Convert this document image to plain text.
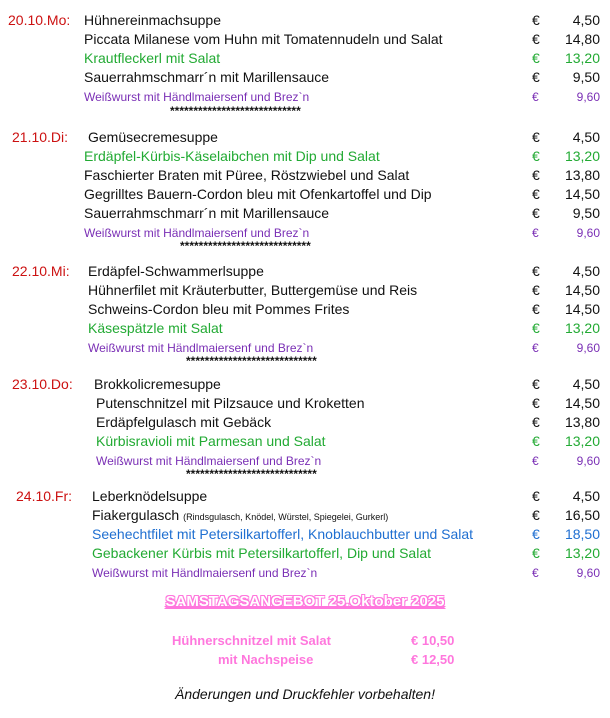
20.10.Mo: Hühnereinmachsuppe	€	4,50
Piccata Milanese vom Huhn mit Tomatennudeln und Salat	€	14,80
Krautfleckerl mit Salat	€	13,20
Sauerrahmschmarr´n mit Marillensauce	€	9,50
Weißwurst mit Händlmaiersenf und Brez`n	€	9,60
****************************
21.10.Di: Gemüsecremesuppe	€	4,50
Erdäpfel-Kürbis-Käselaibchen mit Dip und Salat	€	13,20
Faschierter Braten mit Püree, Röstzwiebel und Salat	€	13,80
Gegrilltes Bauern-Cordon bleu mit Ofenkartoffel und Dip	€	14,50
Sauerrahmschmarr´n mit Marillensauce	€	9,50
Weißwurst mit Händlmaiersenf und Brez`n	€	9,60
****************************
22.10.Mi: Erdäpfel-Schwammerlsuppe	€	4,50
Hühnerfilet mit Kräuterbutter, Buttergemüse und Reis	€	14,50
Schweins-Cordon bleu mit Pommes Frites	€	14,50
Käsespätzle mit Salat	€	13,20
Weißwurst mit Händlmaiersenf und Brez`n	€	9,60
****************************
23.10.Do: Brokkolicremesuppe	€	4,50
Putenschnitzel mit Pilzsauce und Kroketten	€	14,50
Erdäpfelgulasch mit Gebäck	€	13,80
Kürbisravioli mit Parmesan und Salat	€	13,20
Weißwurst mit Händlmaiersenf und Brez`n	€	9,60
****************************
24.10.Fr: Leberknödelsuppe	€	4,50
Fiakergulasch (Rindsgulasch, Knödel, Würstel, Spiegelei, Gurkerl)	€	16,50
Seehechtfilet mit Petersilkartofferl, Knoblauchbutter und Salat	€	18,50
Gebackener Kürbis mit Petersilkartofferl, Dip und Salat	€	13,20
Weißwurst mit Händlmaiersenf und Brez`n	€	9,60
SAMSTAGSANGEBOT 25.Oktober 2025
Hühnerschnitzel mit Salat	€ 10,50
mit Nachspeise	€ 12,50
Änderungen und Druckfehler vorbehalten!
